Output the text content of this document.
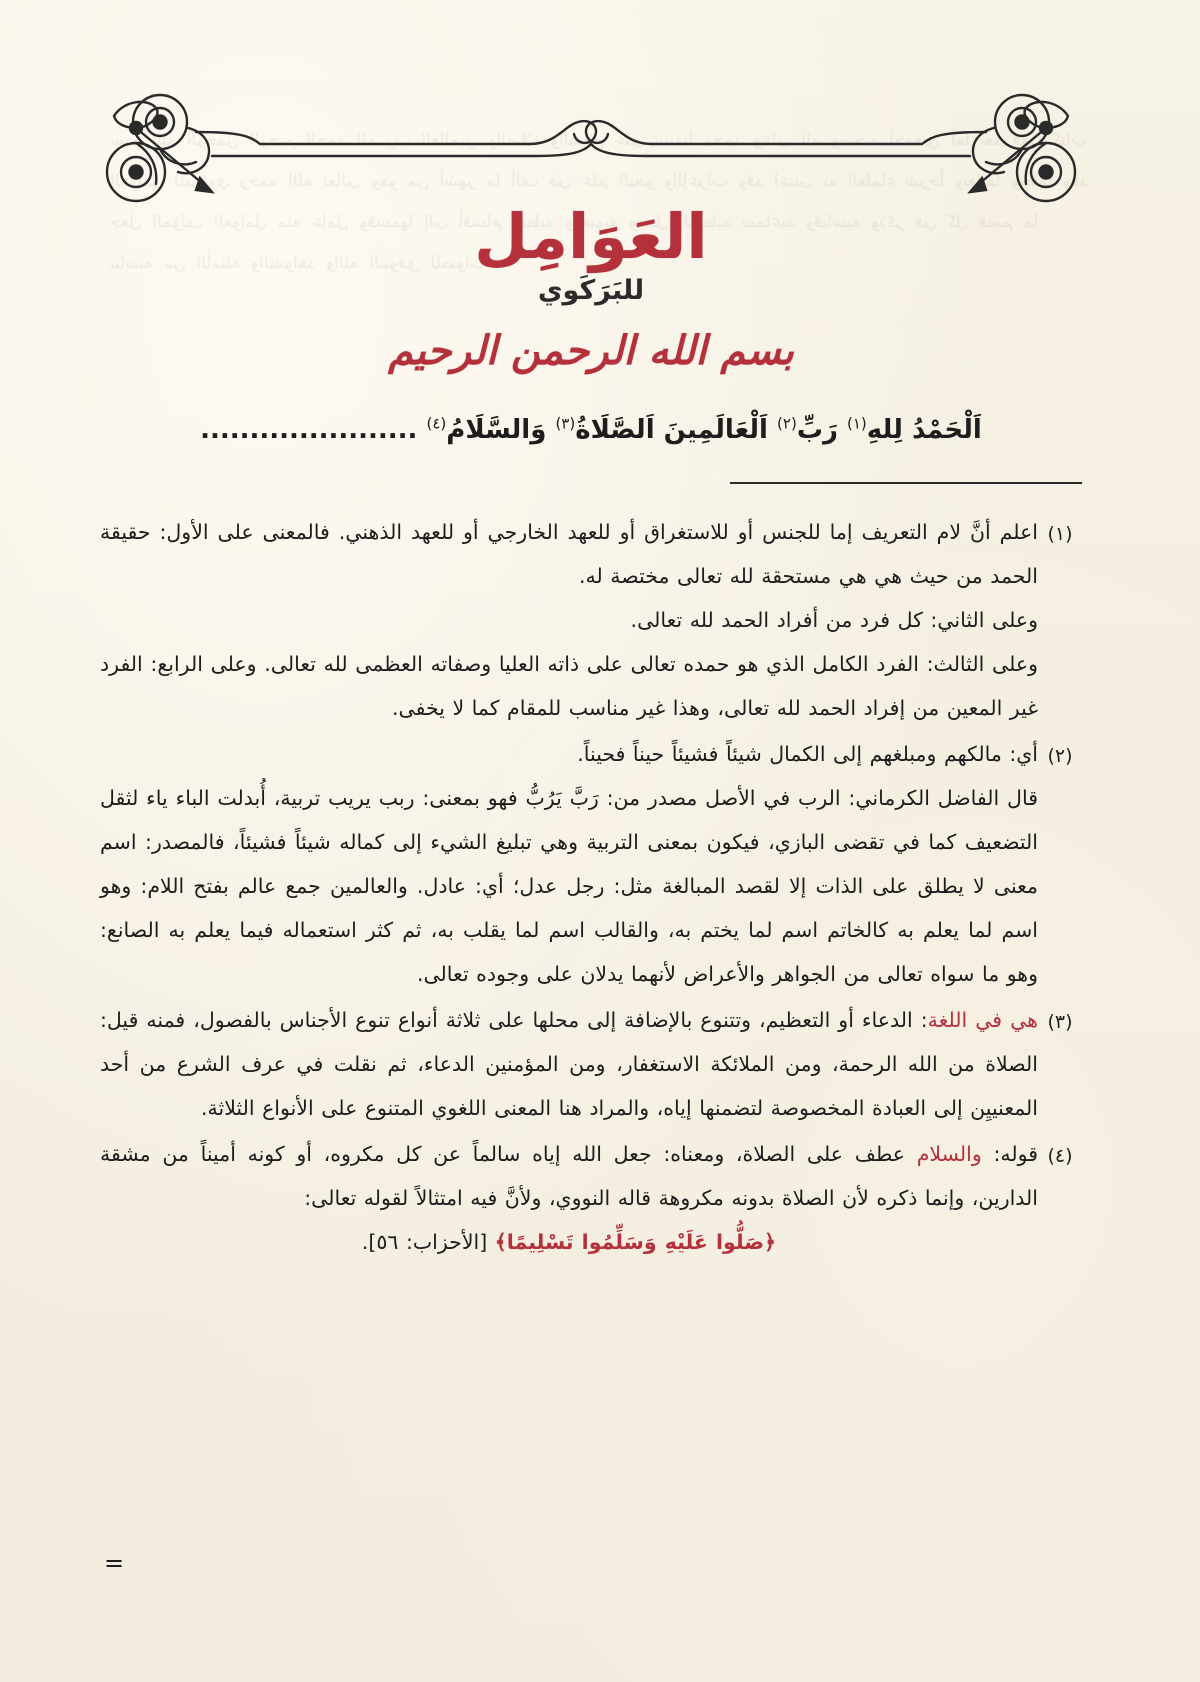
بسم الله الرحمن الرحيم الحمد لله رب العالمين والصلاة والسلام على سيدنا محمد وعلى آله وصحبه أجمعين أما بعد فهذا كتاب العوامل للبركوي رحمه الله تعالى وهو من أشهر ما ألف في علم النحو والإعراب وقد اعتنى به العلماء شرحاً وتعليقاً ونظماً وقد جعل المؤلف العوامل مئة عامل وقسمها إلى أقسام لفظية ومعنوية وجعل اللفظية سماعية وقياسية وذكر في كل قسم ما يناسبه من الأمثلة والشواهد والله الموفق للصواب
العَوَامِل
للبَرَكَوي
بسم الله الرحمن الرحيم
اَلْحَمْدُ لِلهِ$^{(١)}$ رَبِّ$^{(٢)}$ اَلْعَالَمِينَ اَلصَّلَاةُ$^{(٣)}$ وَالسَّلَامُ$^{(٤)}$ ......................
(١)

اعلم أنَّ لام التعريف إما للجنس أو للاستغراق أو للعهد الخارجي أو للعهد الذهني. فالمعنى على الأول: حقيقة الحمد من حيث هي هي مستحقة لله تعالى مختصة له.

وعلى الثاني: كل فرد من أفراد الحمد لله تعالى.

وعلى الثالث: الفرد الكامل الذي هو حمده تعالى على ذاته العليا وصفاته العظمى لله تعالى. وعلى الرابع: الفرد غير المعين من إفراد الحمد لله تعالى، وهذا غير مناسب للمقام كما لا يخفى.

(٢)

أي: مالكهم ومبلغهم إلى الكمال شيئاً فشيئاً حيناً فحيناً.

قال الفاضل الكرماني: الرب في الأصل مصدر من: رَبَّ يَرُبُّ فهو بمعنى: ربب يريب تربية، أُبدلت الباء ياء لثقل التضعيف كما في تقضى البازي، فيكون بمعنى التربية وهي تبليغ الشيء إلى كماله شيئاً فشيئاً، فالمصدر: اسم معنى لا يطلق على الذات إلا لقصد المبالغة مثل: رجل عدل؛ أي: عادل. والعالمين جمع عالم بفتح اللام: وهو اسم لما يعلم به كالخاتم اسم لما يختم به، والقالب اسم لما يقلب به، ثم كثر استعماله فيما يعلم به الصانع: وهو ما سواه تعالى من الجواهر والأعراض لأنهما يدلان على وجوده تعالى.

(٣)

هي في اللغة: الدعاء أو التعظيم، وتتنوع بالإضافة إلى محلها على ثلاثة أنواع تنوع الأجناس بالفصول، فمنه قيل: الصلاة من الله الرحمة، ومن الملائكة الاستغفار، ومن المؤمنين الدعاء، ثم نقلت في عرف الشرع من أحد المعنييِن إلى العبادة المخصوصة لتضمنها إياه، والمراد هنا المعنى اللغوي المتنوع على الأنواع الثلاثة.

(٤)

قوله: والسلام عطف على الصلاة، ومعناه: جعل الله إياه سالماً عن كل مكروه، أو كونه أميناً من مشقة الدارين، وإنما ذكره لأن الصلاة بدونه مكروهة قاله النووي، ولأنَّ فيه امتثالاً لقوله تعالى:

﴿صَلُّوا عَلَيْهِ وَسَلِّمُوا تَسْلِيمًا﴾ [الأحزاب: ٥٦].

=
